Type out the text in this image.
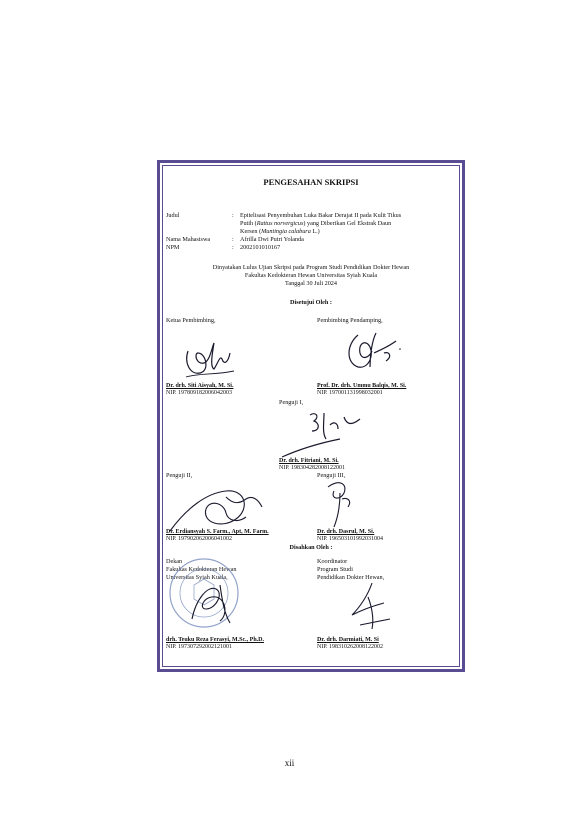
PENGESAHAN SKRIPSI
Judul	: Epitelisasi Penyembuhan Luka Bakar Derajat II pada Kulit Tikus
Putih (Rattus norvergicus) yang Diberikan Gel Ekstrak Daun
Kersen (Muntingia calabura L.)
Nama Mahasiswa	: Afrilla Dwi Putri Yolanda
NPM	: 2002101010167
Dinyatakan Lulus Ujian Skripsi pada Program Studi Pendidikan Dokter Hewan
Fakultas Kedokteran Hewan Universitas Syiah Kuala
Tanggal 30 Juli 2024
Disetujui Oleh :
Ketua Pembimbing,	Pembimbing Pendamping,
Dr. drh. Siti Aisyah, M. Si.
NIP. 197809182006042003
Prof. Dr. drh. Ummu Balqis, M. Si.
NIP. 197001131998032001
Penguji I,
Dr. drh. Fitriani, M. Si.
NIP. 198304282008122001
Penguji II,	Penguji III,
Dr. Erdiansyah S. Farm., Apt, M. Farm.
NIP. 197902062006041002
Dr. drh. Dasrul, M. Si.
NIP. 196503101992031004
Disahkan Oleh :
Dekan
Fakultas Kedokteran Hewan
Universitas Syiah Kuala,
Koordinator
Program Studi
Pendidikan Dokter Hewan,
drh. Teuku Reza Ferasyi, M.Sc., Ph.D.
NIP. 197307292002121001
Dr. drh. Darmiati, M. Si
NIP. 198310262008122002
xii
